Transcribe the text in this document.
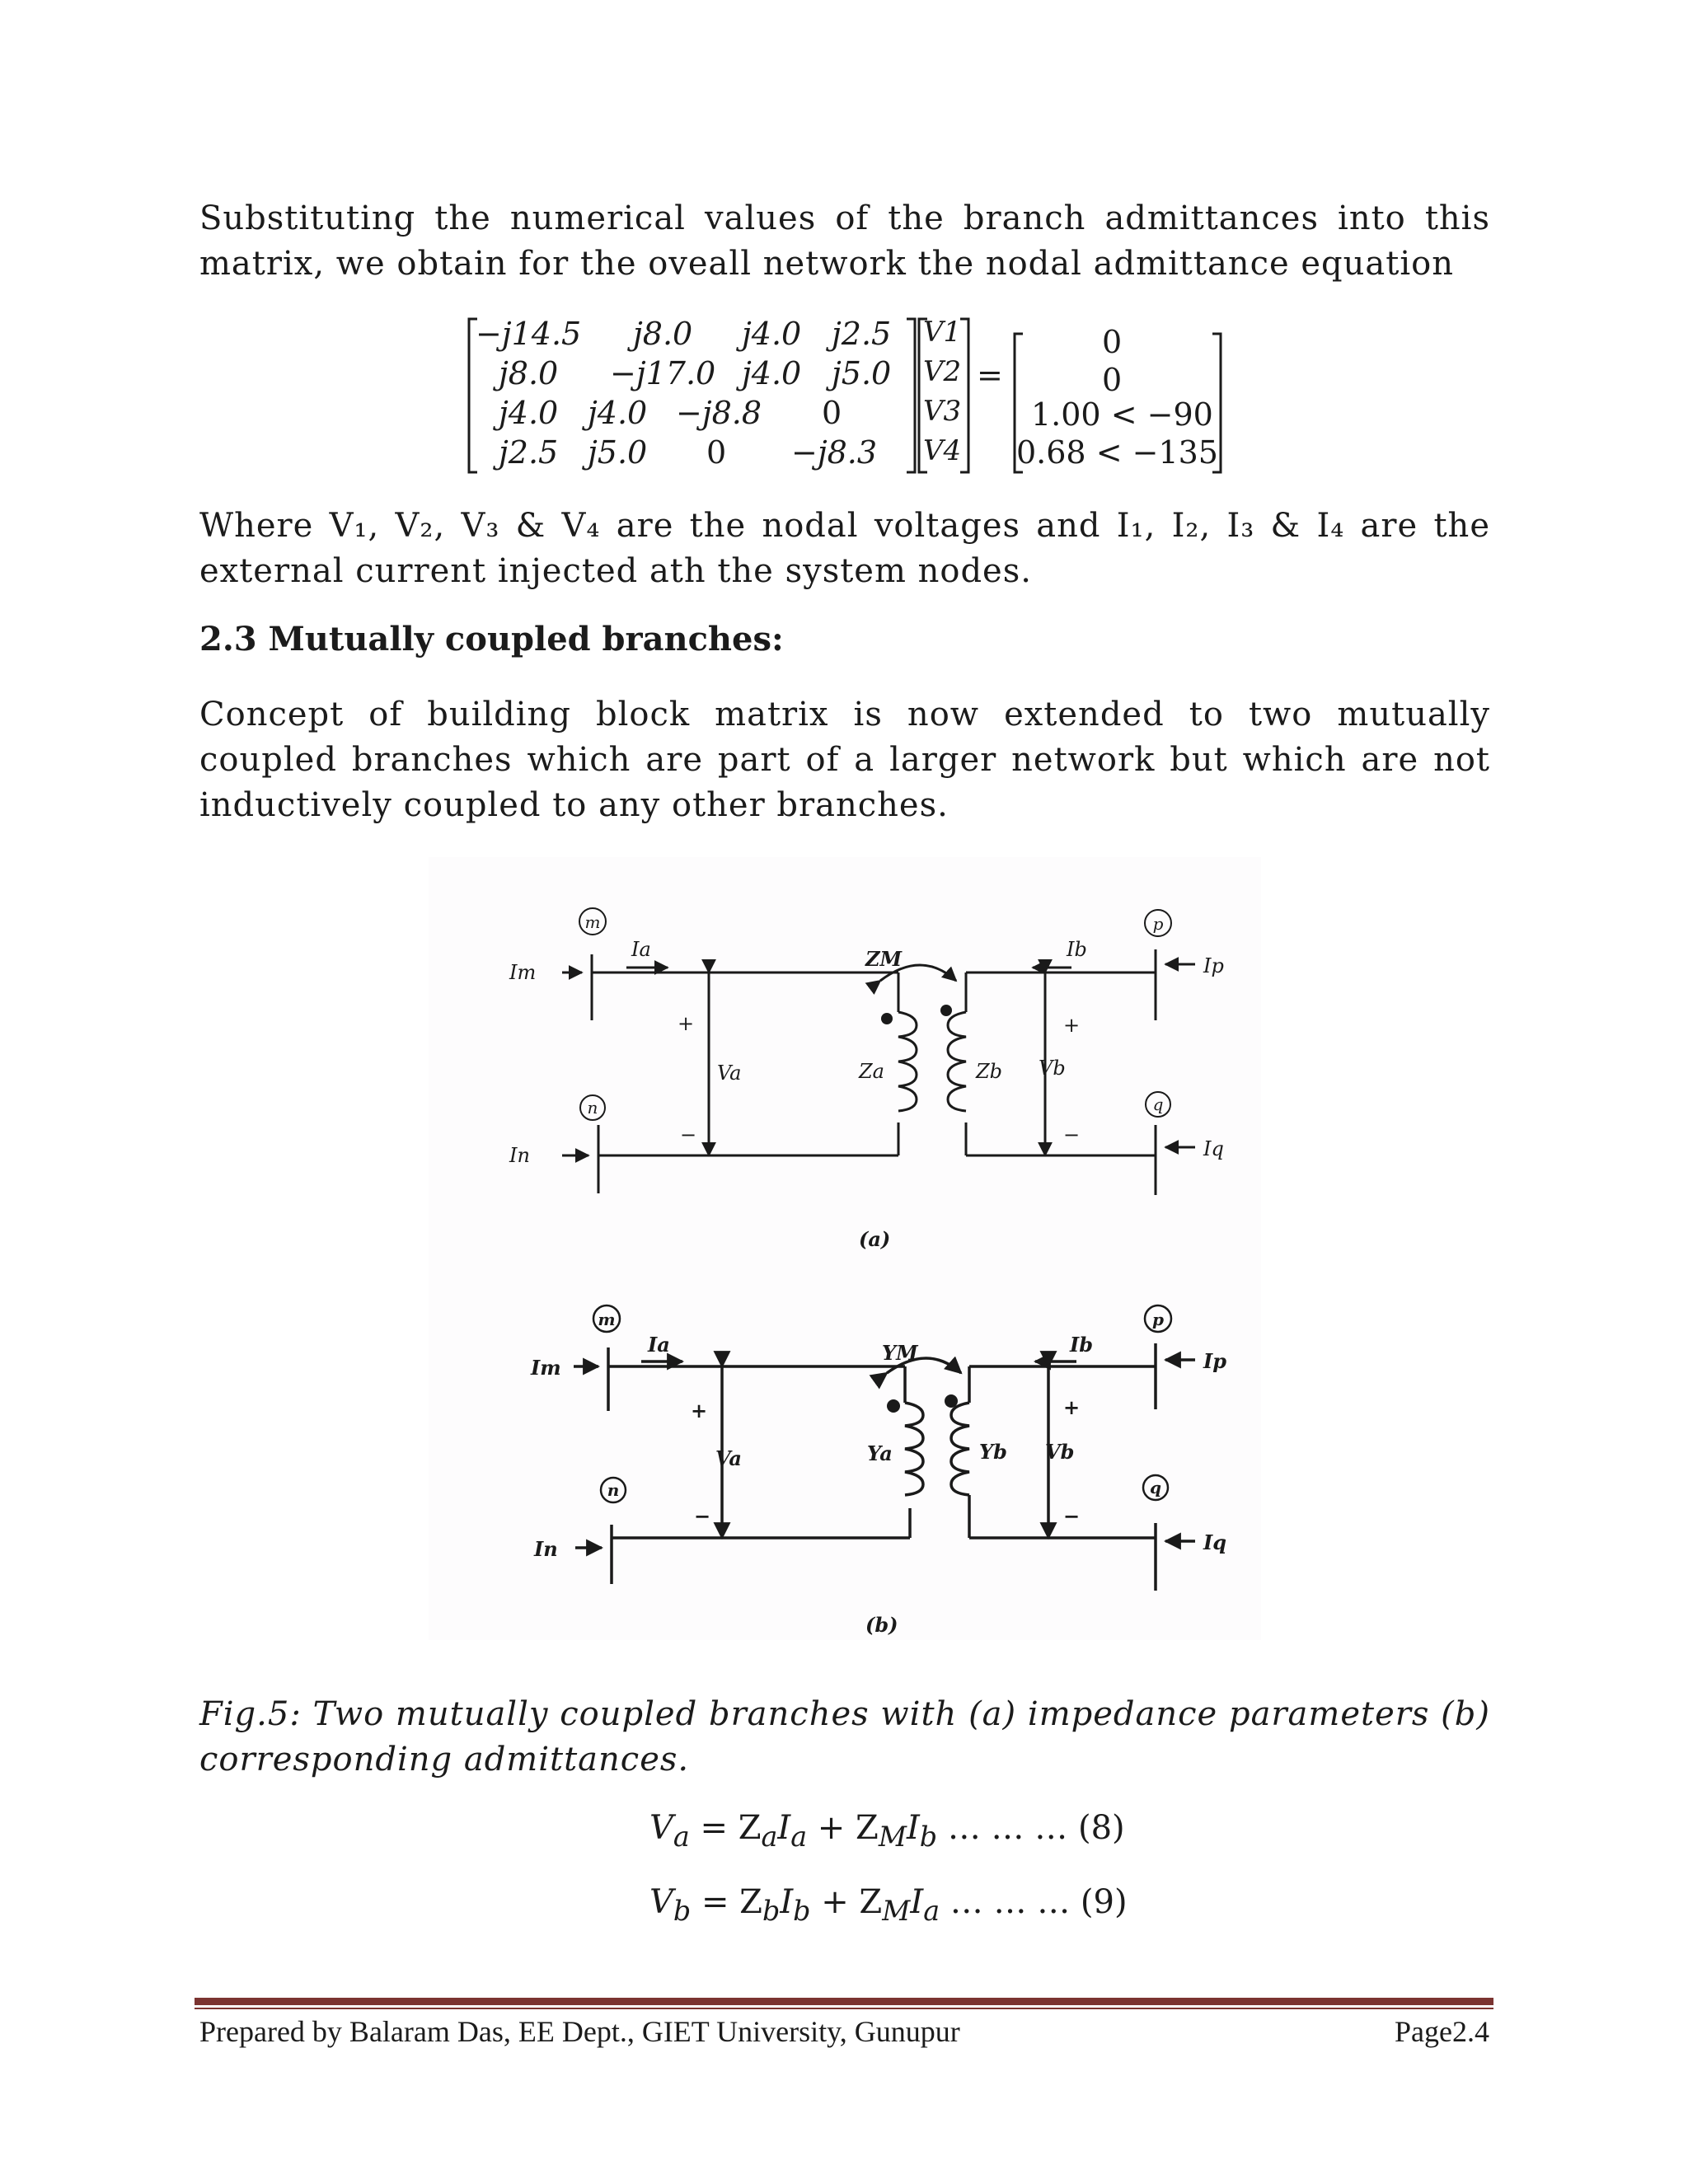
Substituting the numerical values of the branch admittances into this matrix, we obtain for the oveall network the nodal admittance equation

−j14.5 j8.0 j4.0 j2.5
j8.0 −j17.0 j4.0 j5.0
j4.0 j4.0 −j8.8 0
j2.5 j5.0 0 −j8.3
V1
V2
V3
V4
=
0
0
1.00 < −90
0.68 < −135

Where V₁, V₂, V₃ & V₄ are the nodal voltages and I₁, I₂, I₃ & I₄ are the external current injected ath the system nodes.

2.3 Mutually coupled branches:

Concept of building block matrix is now extended to two mutually coupled branches which are part of a larger network but which are not inductively coupled to any other branches.

m
n
p
q
Im
In
Ia	Ib
Ip
Iq
Va	Vb
Za	Zb
ZM
+
−
+
−
(a)
m
n
p
q
Im
In
Ia	Ib
Ip
Iq
Va	Vb
Ya	Yb
YM
+
−
+
−
(b)

Fig.5: Two mutually coupled branches with (a) impedance parameters (b) corresponding admittances.

$V_a = Z_aI_a + Z_MI_b$ … … … (8)
$V_b = Z_bI_b + Z_MI_a$ … … … (9)
Prepared by Balaram Das, EE Dept., GIET University, Gunupur	Page2.4
